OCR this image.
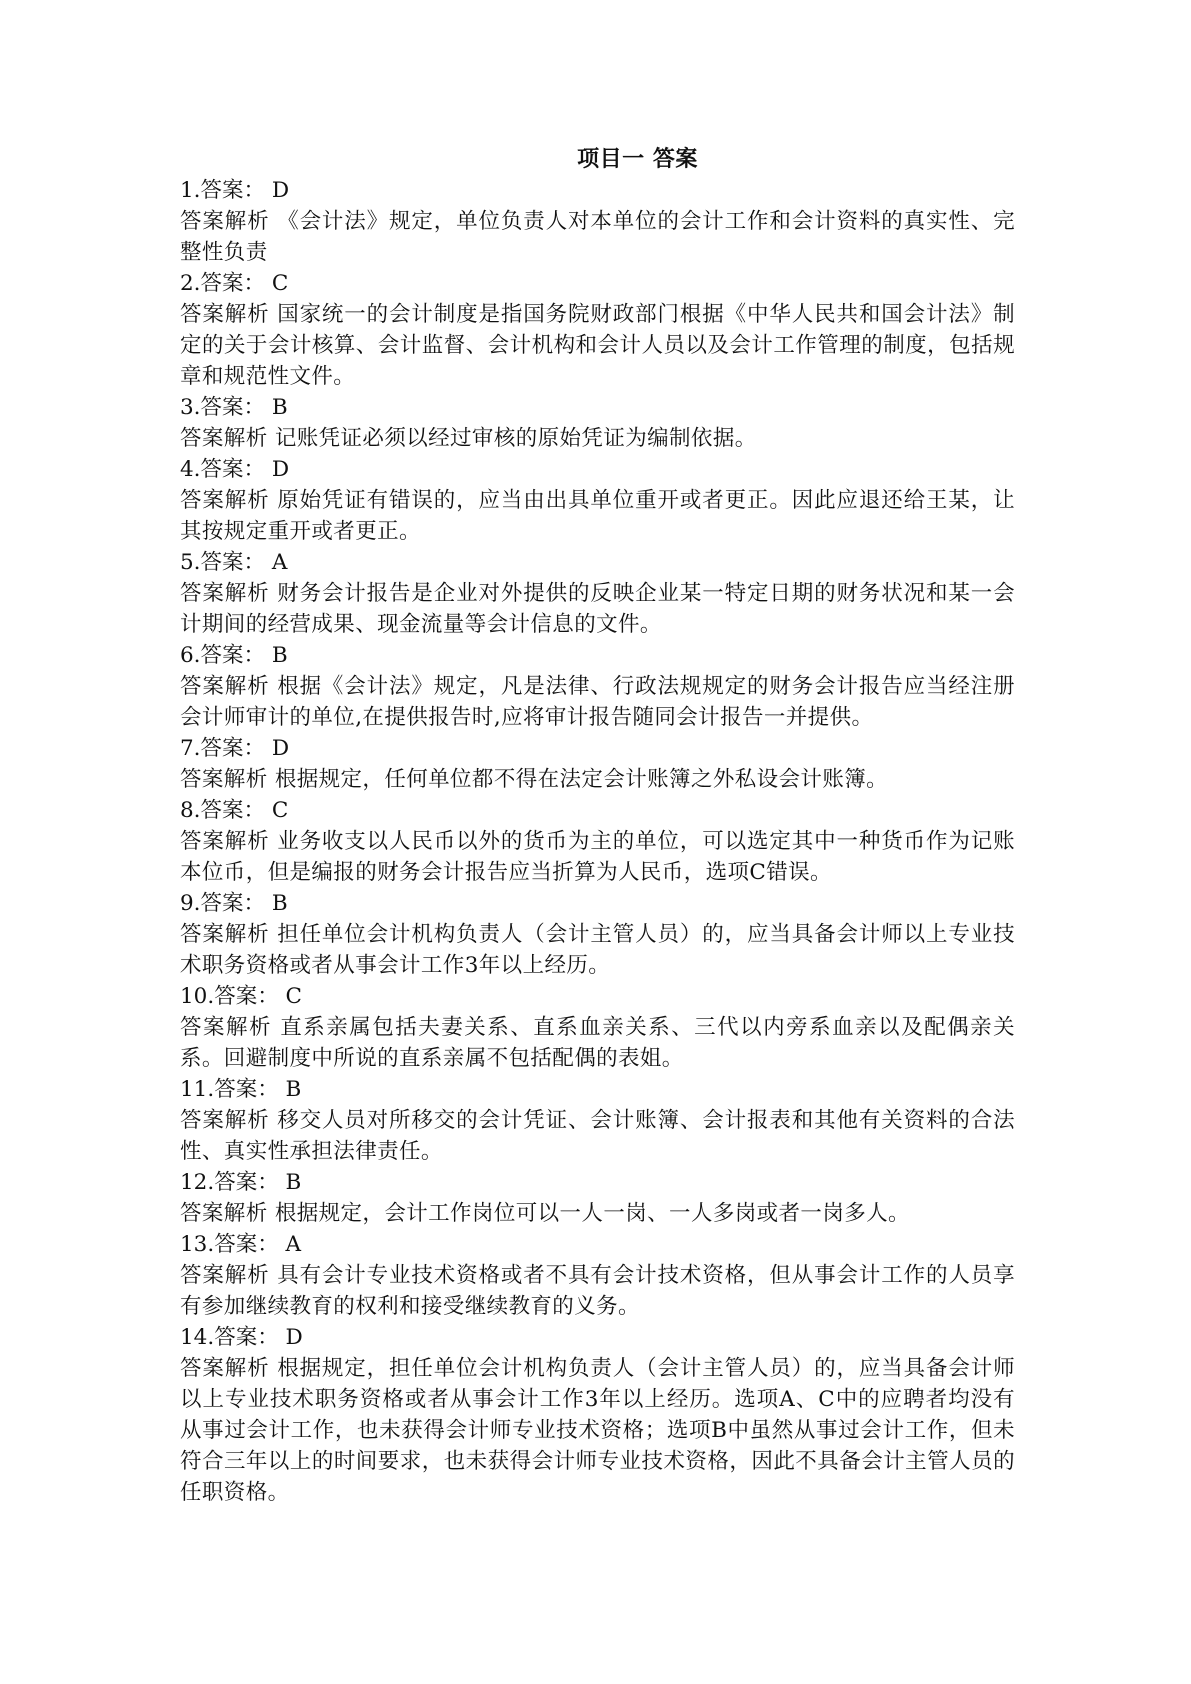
项目一 答案

1.答案： D

答案解析 《会计法》规定，单位负责人对本单位的会计工作和会计资料的真实性、完整性负责

2.答案： C

答案解析 国家统一的会计制度是指国务院财政部门根据《中华人民共和国会计法》制定的关于会计核算、会计监督、会计机构和会计人员以及会计工作管理的制度，包括规章和规范性文件。

3.答案： B

答案解析 记账凭证必须以经过审核的原始凭证为编制依据。

4.答案： D

答案解析 原始凭证有错误的，应当由出具单位重开或者更正。因此应退还给王某，让其按规定重开或者更正。

5.答案： A

答案解析 财务会计报告是企业对外提供的反映企业某一特定日期的财务状况和某一会计期间的经营成果、现金流量等会计信息的文件。

6.答案： B

答案解析 根据《会计法》规定，凡是法律、行政法规规定的财务会计报告应当经注册会计师审计的单位,在提供报告时,应将审计报告随同会计报告一并提供。

7.答案： D

答案解析 根据规定，任何单位都不得在法定会计账簿之外私设会计账簿。

8.答案： C

答案解析 业务收支以人民币以外的货币为主的单位，可以选定其中一种货币作为记账本位币，但是编报的财务会计报告应当折算为人民币，选项C错误。

9.答案： B

答案解析 担任单位会计机构负责人（会计主管人员）的，应当具备会计师以上专业技术职务资格或者从事会计工作3年以上经历。

10.答案： C

答案解析 直系亲属包括夫妻关系、直系血亲关系、三代以内旁系血亲以及配偶亲关系。回避制度中所说的直系亲属不包括配偶的表姐。

11.答案： B

答案解析 移交人员对所移交的会计凭证、会计账簿、会计报表和其他有关资料的合法性、真实性承担法律责任。

12.答案： B

答案解析 根据规定，会计工作岗位可以一人一岗、一人多岗或者一岗多人。

13.答案： A

答案解析 具有会计专业技术资格或者不具有会计技术资格，但从事会计工作的人员享有参加继续教育的权利和接受继续教育的义务。

14.答案： D

答案解析 根据规定，担任单位会计机构负责人（会计主管人员）的，应当具备会计师以上专业技术职务资格或者从事会计工作3年以上经历。选项A、C中的应聘者均没有从事过会计工作，也未获得会计师专业技术资格；选项B中虽然从事过会计工作，但未符合三年以上的时间要求，也未获得会计师专业技术资格，因此不具备会计主管人员的任职资格。
